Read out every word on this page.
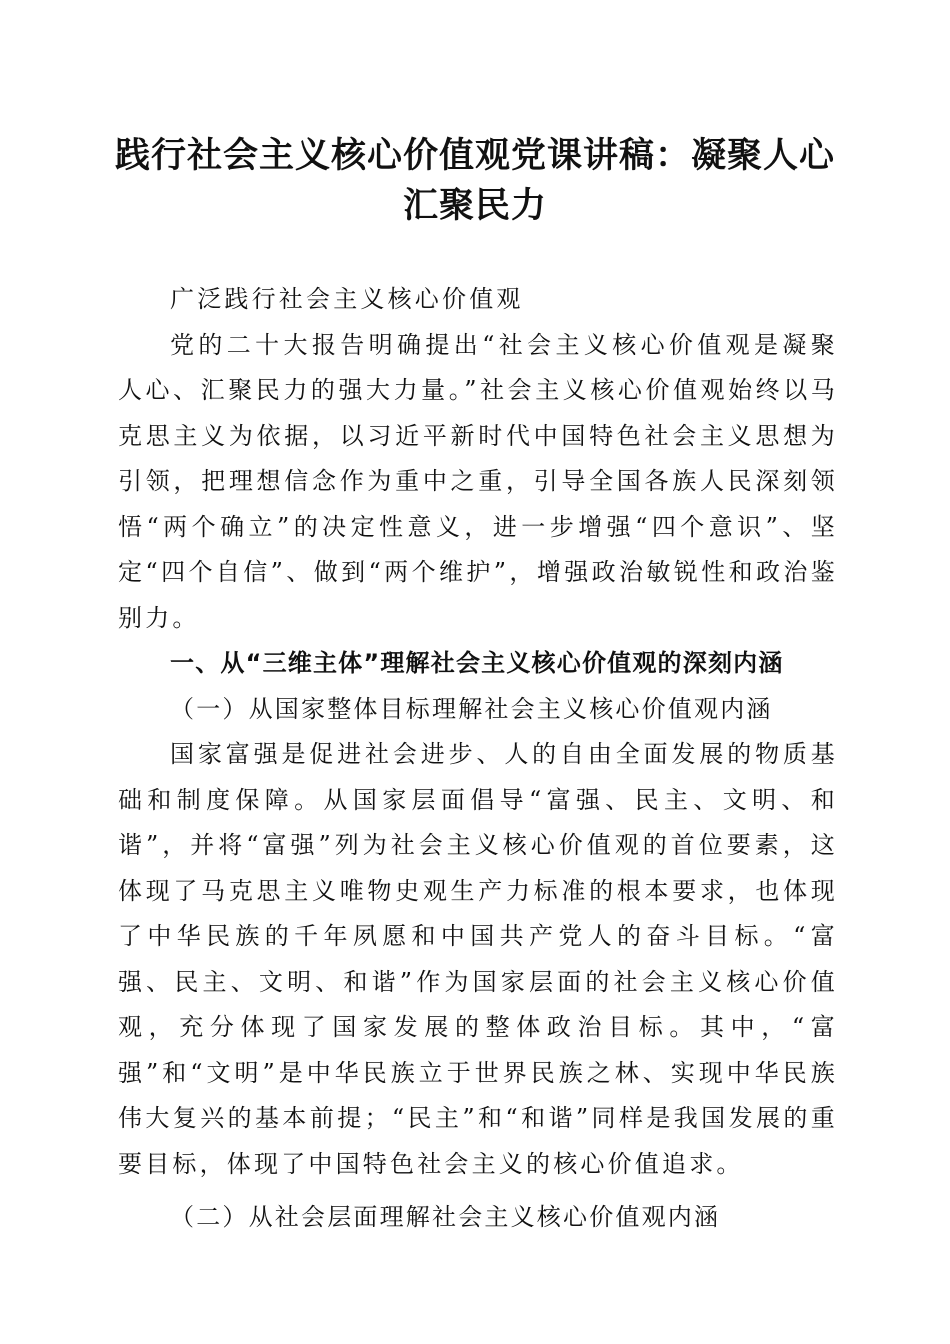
践行社会主义核心价值观党课讲稿：凝聚人心
汇聚民力

广泛践行社会主义核心价值观

党的二十大报告明确提出“社会主义核心价值观是凝聚人心、汇聚民力的强大力量。”社会主义核心价值观始终以马克思主义为依据，以习近平新时代中国特色社会主义思想为引领，把理想信念作为重中之重，引导全国各族人民深刻领悟“两个确立”的决定性意义，进一步增强“四个意识”、坚定“四个自信”、做到“两个维护”，增强政治敏锐性和政治鉴别力。

一、从“三维主体”理解社会主义核心价值观的深刻内涵

（一）从国家整体目标理解社会主义核心价值观内涵

国家富强是促进社会进步、人的自由全面发展的物质基础和制度保障。从国家层面倡导“富强、民主、文明、和谐”，并将“富强”列为社会主义核心价值观的首位要素，这体现了马克思主义唯物史观生产力标准的根本要求，也体现了中华民族的千年夙愿和中国共产党人的奋斗目标。“富强、民主、文明、和谐”作为国家层面的社会主义核心价值观，充分体现了国家发展的整体政治目标。其中，“富强”和“文明”是中华民族立于世界民族之林、实现中华民族伟大复兴的基本前提；“民主”和“和谐”同样是我国发展的重要目标，体现了中国特色社会主义的核心价值追求。

（二）从社会层面理解社会主义核心价值观内涵
